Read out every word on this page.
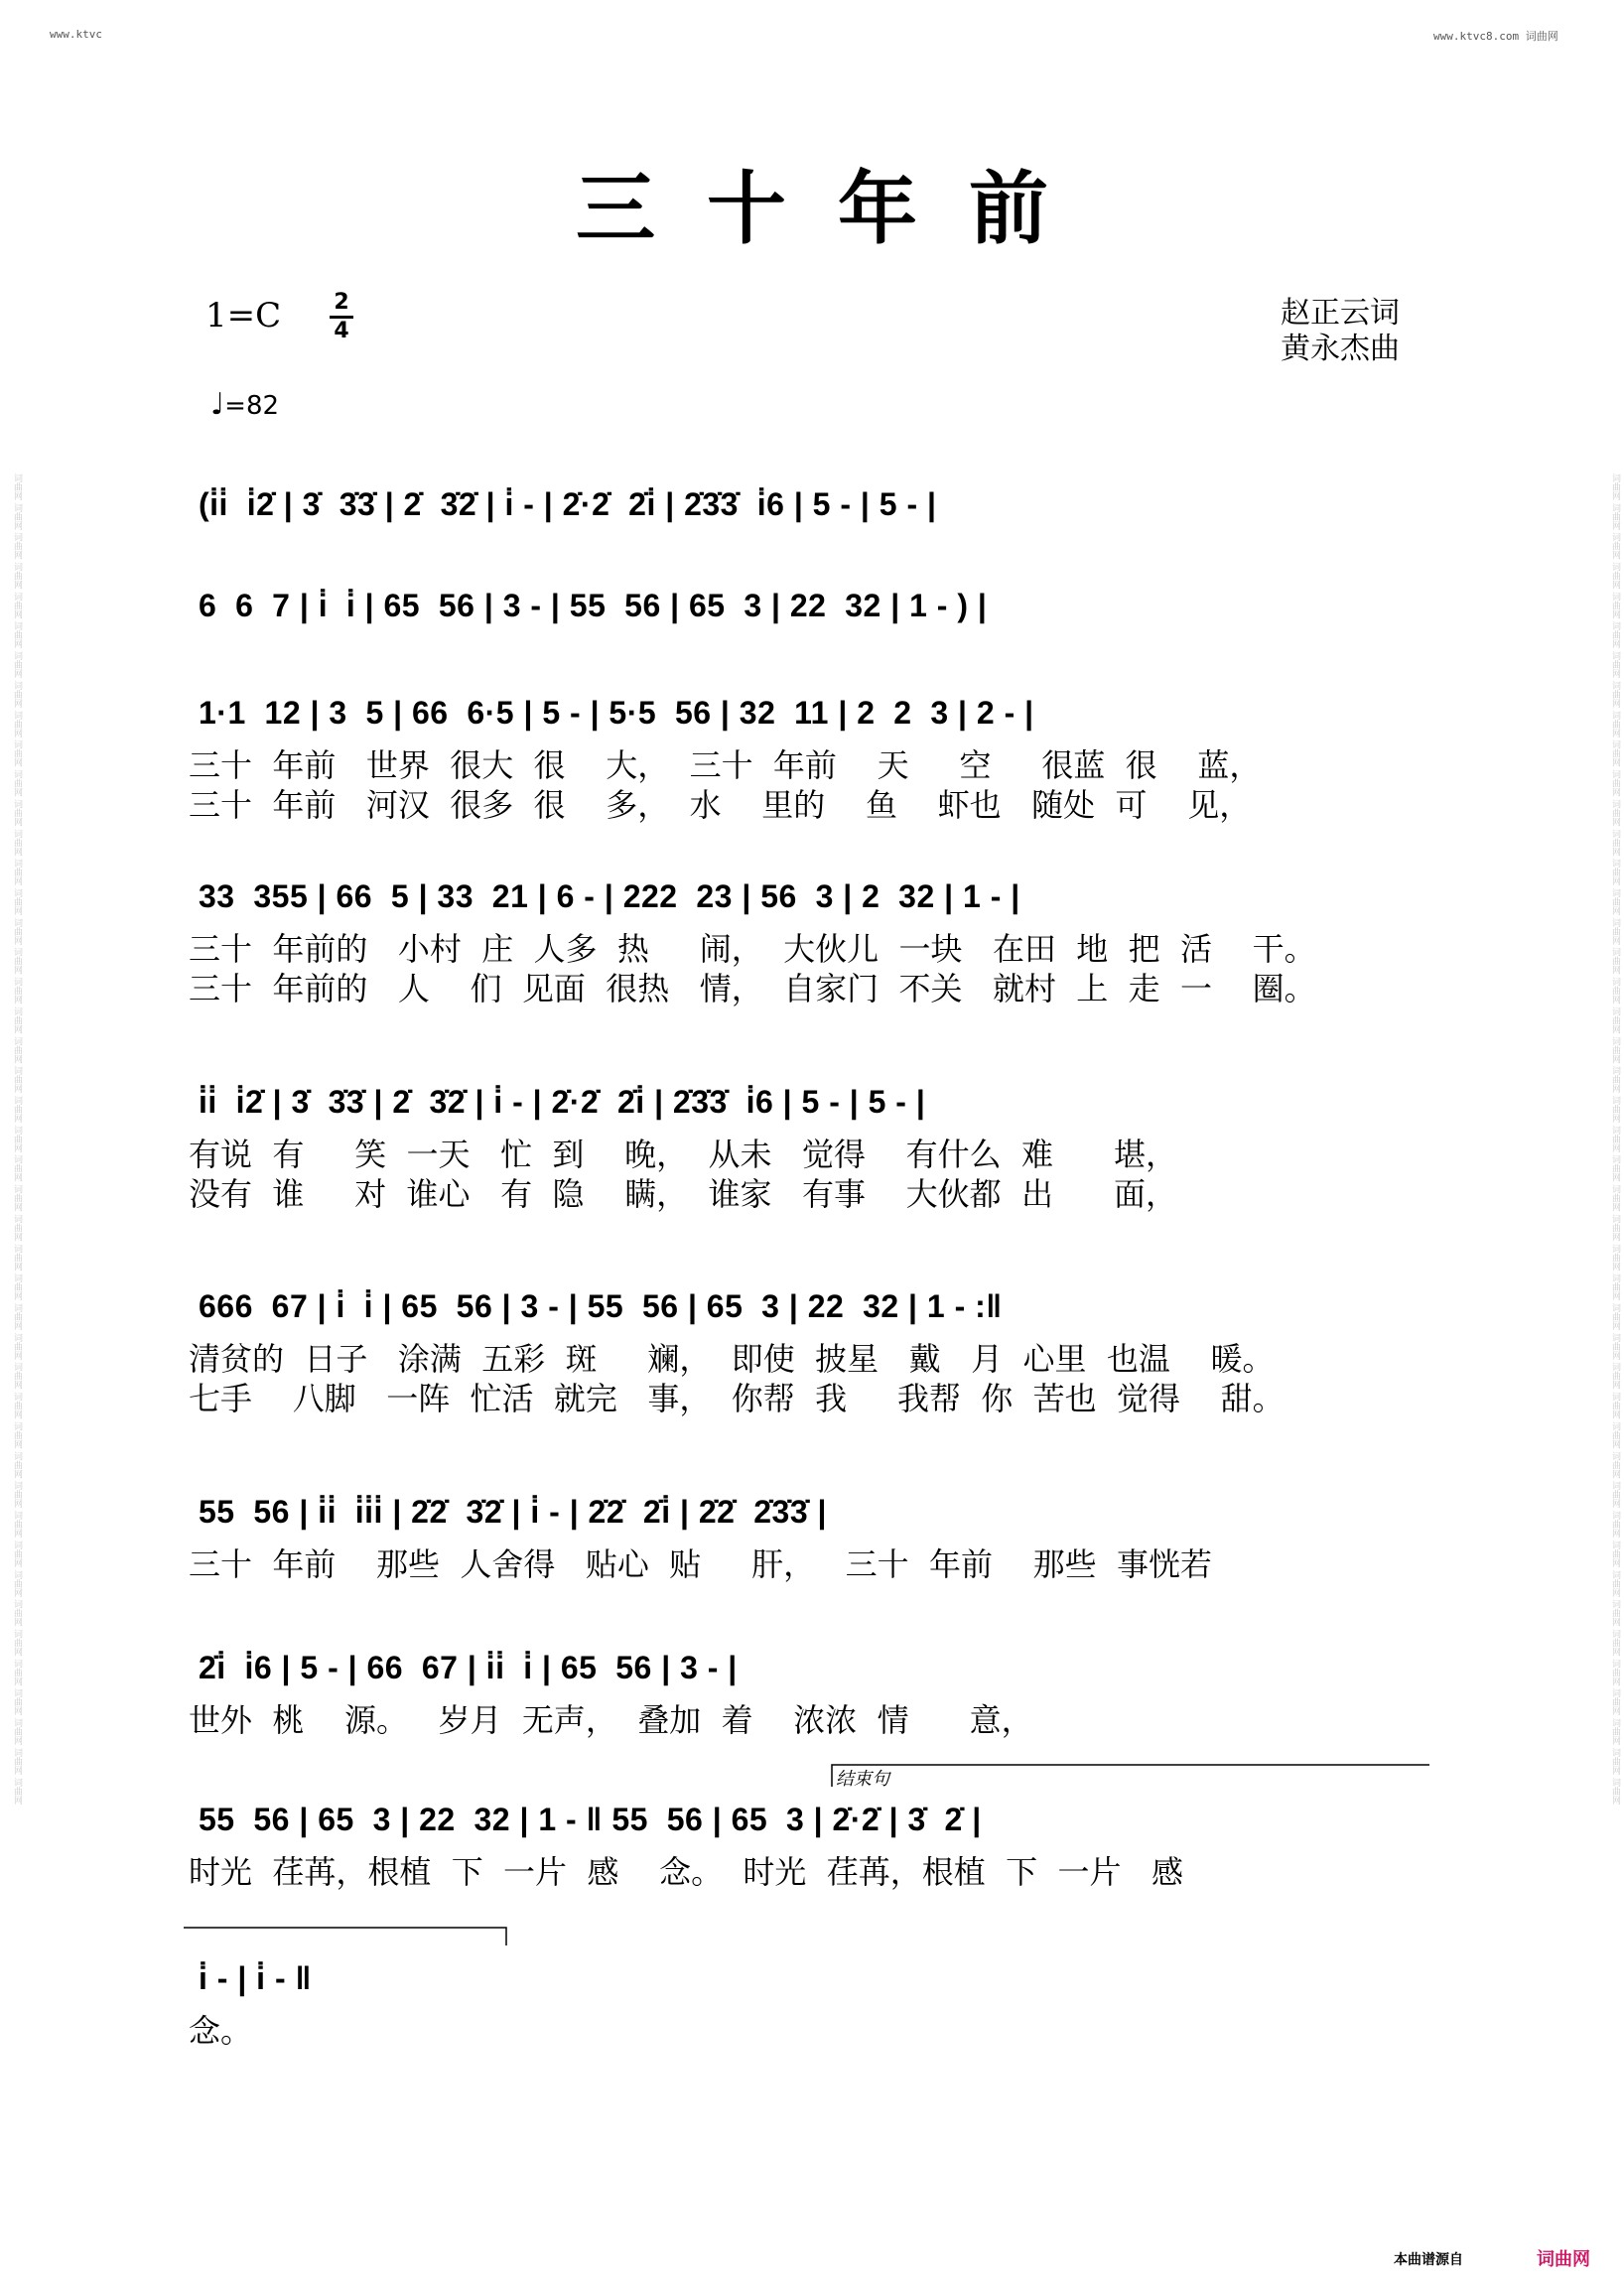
www.ktvc	www.ktvc8.com 词曲网
词曲网 词曲网 词曲网 词曲网 词曲网 词曲网 词曲网 词曲网 词曲网 词曲网 词曲网 词曲网 词曲网 词曲网 词曲网 词曲网 词曲网 词曲网 词曲网 词曲网 词曲网 词曲网 词曲网 词曲网 词曲网 词曲网 词曲网 词曲网 词曲网 词曲网 词曲网 词曲网 词曲网 词曲网 词曲网 词曲网 词曲网 词曲网 词曲网 词曲网 词曲网 词曲网 词曲网 词曲网 词曲网	词曲网 词曲网 词曲网 词曲网 词曲网 词曲网 词曲网 词曲网 词曲网 词曲网 词曲网 词曲网 词曲网 词曲网 词曲网 词曲网 词曲网 词曲网 词曲网 词曲网 词曲网 词曲网 词曲网 词曲网 词曲网 词曲网 词曲网 词曲网 词曲网 词曲网 词曲网 词曲网 词曲网 词曲网 词曲网 词曲网 词曲网 词曲网 词曲网 词曲网 词曲网 词曲网 词曲网 词曲网 词曲网
三十年前
1=C 2
4
赵正云词
黄永杰曲
♩=82
(i̇i̇  i̇2̇ | 3̇  3̇3̇ | 2̇  3̇2̇ | i̇ - | 2̇·2̇  2̇i̇ | 2̇3̇3̇  i̇6 | 5 - | 5 - |
6  6  7 | i̇  i̇ | 65  56 | 3 - | 55  56 | 65  3 | 22  32 | 1 - ) |
1·1  12 | 3  5 | 66  6·5 | 5 - | 5·5  56 | 32  11 | 2  2  3 | 2 - |
三十  年前   世界  很大  很    大，  三十  年前    天     空     很蓝  很    蓝，
三十  年前   河汉  很多  很    多，  水    里的    鱼    虾也   随处  可    见，
33  355 | 66  5 | 33  21 | 6 - | 222  23 | 56  3 | 2  32 | 1 - |
三十  年前的   小村  庄  人多  热     闹，  大伙儿  一块   在田  地  把  活    干。
三十  年前的   人    们  见面  很热   情，  自家门  不关   就村  上  走  一    圈。
i̇i̇  i̇2̇ | 3̇  3̇3̇ | 2̇  3̇2̇ | i̇ - | 2̇·2̇  2̇i̇ | 2̇3̇3̇  i̇6 | 5 - | 5 - |
有说  有     笑  一天   忙  到    晚，  从未   觉得    有什么  难      堪，
没有  谁     对  谁心   有  隐    瞒，  谁家   有事    大伙都  出      面，
666  67 | i̇  i̇ | 65  56 | 3 - | 55  56 | 65  3 | 22  32 | 1 - :‖
清贫的  日子   涂满  五彩  斑     斓，  即使  披星   戴   月  心里  也温    暖。
七手    八脚   一阵  忙活  就完   事，  你帮  我     我帮  你  苦也  觉得    甜。
55  56 | i̇i̇  i̇i̇i̇ | 2̇2̇  3̇2̇ | i̇ - | 2̇2̇  2̇i̇ | 2̇2̇  2̇3̇3̇ |
三十  年前    那些  人舍得   贴心  贴     肝，   三十  年前    那些  事恍若
2̇i̇  i̇6 | 5 - | 66  67 | i̇i̇  i̇ | 65  56 | 3 - |
世外  桃    源。   岁月  无声，  叠加  着    浓浓  情      意，
55  56 | 65  3 | 22  32 | 1 - ‖ 55  56 | 65  3 | 2̇·2̇ | 3̇  2̇ |
时光  荏苒，根植  下  一片  感    念。  时光  荏苒，根植  下  一片   感
i̇ - | i̇ - ‖
念。
结束句
本曲谱源自	词曲网
